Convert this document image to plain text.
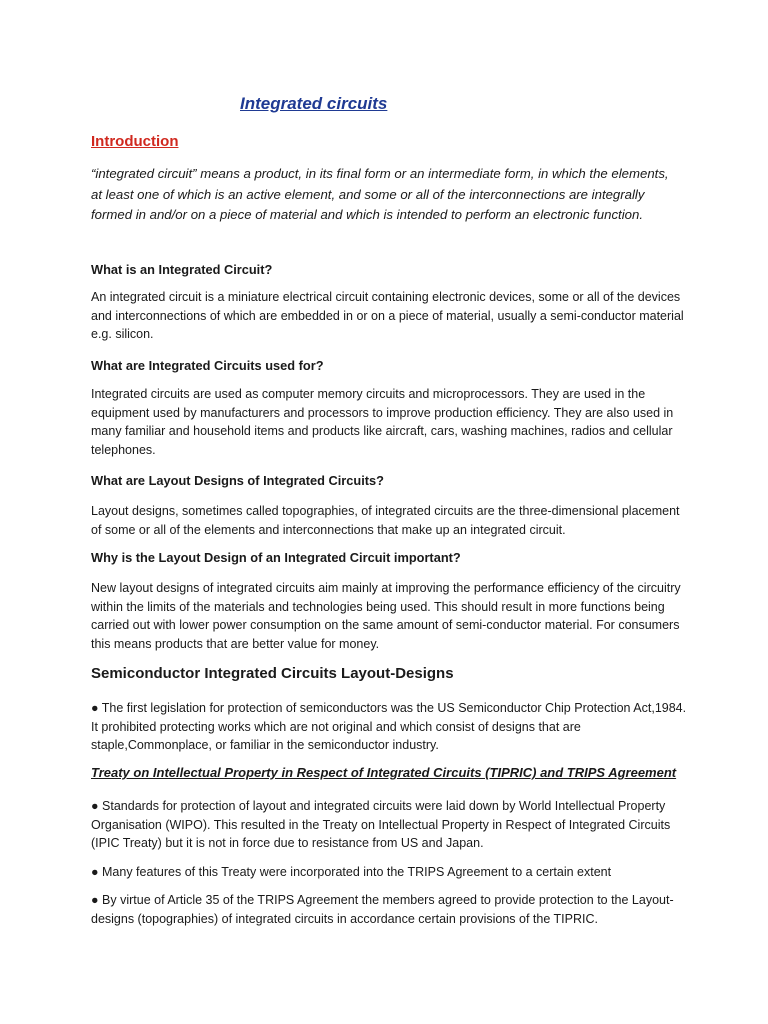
Integrated circuits
Introduction
“integrated circuit” means a product, in its final form or an intermediate form, in which the elements, at least one of which is an active element, and some or all of the interconnections are integrally formed in and/or on a piece of material and which is intended to perform an electronic function.
What is an Integrated Circuit?
An integrated circuit is a miniature electrical circuit containing electronic devices, some or all of the devices and interconnections of which are embedded in or on a piece of material, usually a semi-conductor material e.g. silicon.
What are Integrated Circuits used for?
Integrated circuits are used as computer memory circuits and microprocessors. They are used in the equipment used by manufacturers and processors to improve production efficiency. They are also used in many familiar and household items and products like aircraft, cars, washing machines, radios and cellular telephones.
What are Layout Designs of Integrated Circuits?
Layout designs, sometimes called topographies, of integrated circuits are the three-dimensional placement of some or all of the elements and interconnections that make up an integrated circuit.
Why is the Layout Design of an Integrated Circuit important?
New layout designs of integrated circuits aim mainly at improving the performance efficiency of the circuitry within the limits of the materials and technologies being used. This should result in more functions being carried out with lower power consumption on the same amount of semi-conductor material. For consumers this means products that are better value for money.
Semiconductor Integrated Circuits Layout-Designs
● The first legislation for protection of semiconductors was the US Semiconductor Chip Protection Act,1984. It prohibited protecting works which are not original and which consist of designs that are staple,Commonplace, or familiar in the semiconductor industry.
Treaty on Intellectual Property in Respect of Integrated Circuits (TIPRIC) and TRIPS Agreement
● Standards for protection of layout and integrated circuits were laid down by World Intellectual Property Organisation (WIPO). This resulted in the Treaty on Intellectual Property in Respect of Integrated Circuits (IPIC Treaty) but it is not in force due to resistance from US and Japan.
● Many features of this Treaty were incorporated into the TRIPS Agreement to a certain extent
● By virtue of Article 35 of the TRIPS Agreement the members agreed to provide protection to the Layout-designs (topographies) of integrated circuits in accordance certain provisions of the TIPRIC.
